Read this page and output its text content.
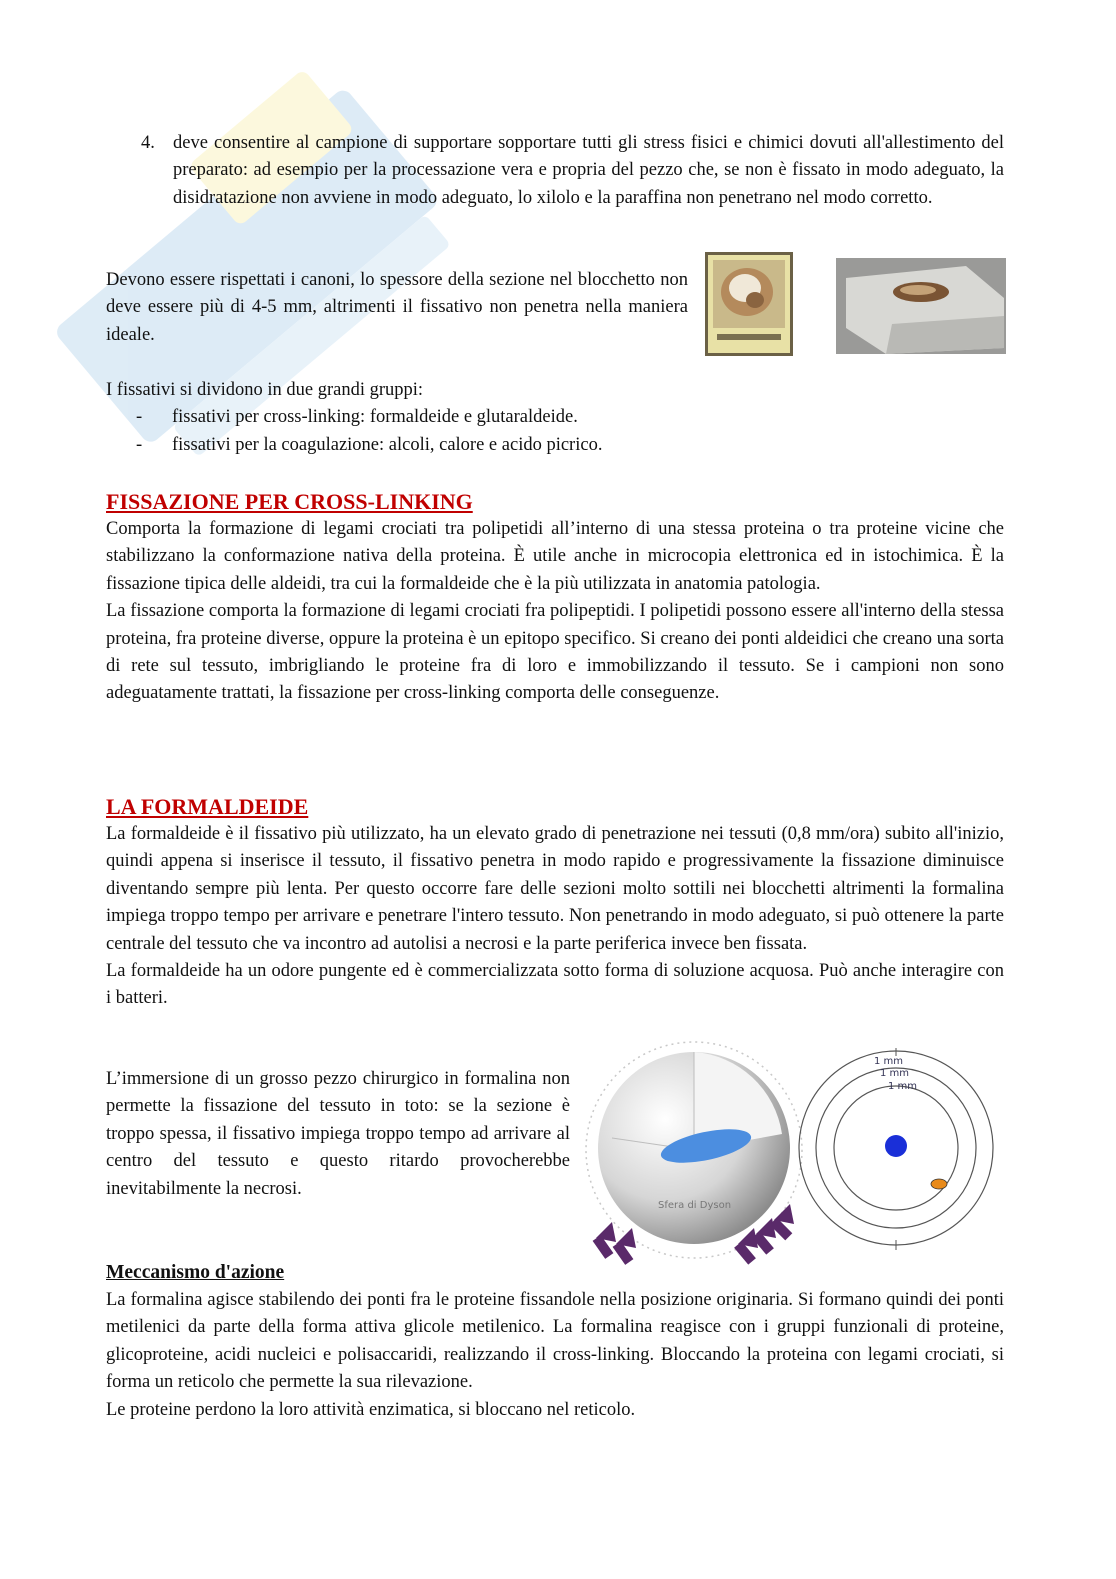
4. deve consentire al campione di supportare sopportare tutti gli stress fisici e chimici dovuti all'allestimento del preparato: ad esempio per la processazione vera e propria del pezzo che, se non è fissato in modo adeguato, la disidratazione non avviene in modo adeguato, lo xilolo e la paraffina non penetrano nel modo corretto.

Devono essere rispettati i canoni, lo spessore della sezione nel blocchetto non deve essere più di 4-5 mm, altrimenti il fissativo non penetra nella maniera ideale.

I fissativi si dividono in due grandi gruppi:

-	fissativi per cross-linking: formaldeide e glutaraldeide.
-	fissativi per la coagulazione: alcoli, calore e acido picrico.
FISSAZIONE PER CROSS-LINKING

Comporta la formazione di legami crociati tra polipetidi all’interno di una stessa proteina o tra proteine vicine che stabilizzano la conformazione nativa della proteina. È utile anche in microcopia elettronica ed in istochimica. È la fissazione tipica delle aldeidi, tra cui la formaldeide che è la più utilizzata in anatomia patologia.

La fissazione comporta la formazione di legami crociati fra polipeptidi. I polipetidi possono essere all'interno della stessa proteina, fra proteine diverse, oppure la proteina è un epitopo specifico. Si creano dei ponti aldeidici che creano una sorta di rete sul tessuto, imbrigliando le proteine fra di loro e immobilizzando il tessuto. Se i campioni non sono adeguatamente trattati, la fissazione per cross-linking comporta delle conseguenze.

LA FORMALDEIDE

La formaldeide è il fissativo più utilizzato, ha un elevato grado di penetrazione nei tessuti (0,8 mm/ora) subito all'inizio, quindi appena si inserisce il tessuto, il fissativo penetra in modo rapido e progressivamente la fissazione diminuisce diventando sempre più lenta. Per questo occorre fare delle sezioni molto sottili nei blocchetti altrimenti la formalina impiega troppo tempo per arrivare e penetrare l'intero tessuto. Non penetrando in modo adeguato, si può ottenere la parte centrale del tessuto che va incontro ad autolisi a necrosi e la parte periferica invece ben fissata.

La formaldeide ha un odore pungente ed è commercializzata sotto forma di soluzione acquosa. Può anche interagire con i batteri.

L’immersione di un grosso pezzo chirurgico in formalina non permette la fissazione del tessuto in toto: se la sezione è troppo spessa, il fissativo impiega troppo tempo ad arrivare al centro del tessuto e questo ritardo provocherebbe inevitabilmente la necrosi.

Sfera di Dyson
1 mm
1 mm
1 mm
Meccanismo d'azione

La formalina agisce stabilendo dei ponti fra le proteine fissandole nella posizione originaria. Si formano quindi dei ponti metilenici da parte della forma attiva glicole metilenico. La formalina reagisce con i gruppi funzionali di proteine, glicoproteine, acidi nucleici e polisaccaridi, realizzando il cross-linking. Bloccando la proteina con legami crociati, si forma un reticolo che permette la sua rilevazione.

Le proteine perdono la loro attività enzimatica, si bloccano nel reticolo.
